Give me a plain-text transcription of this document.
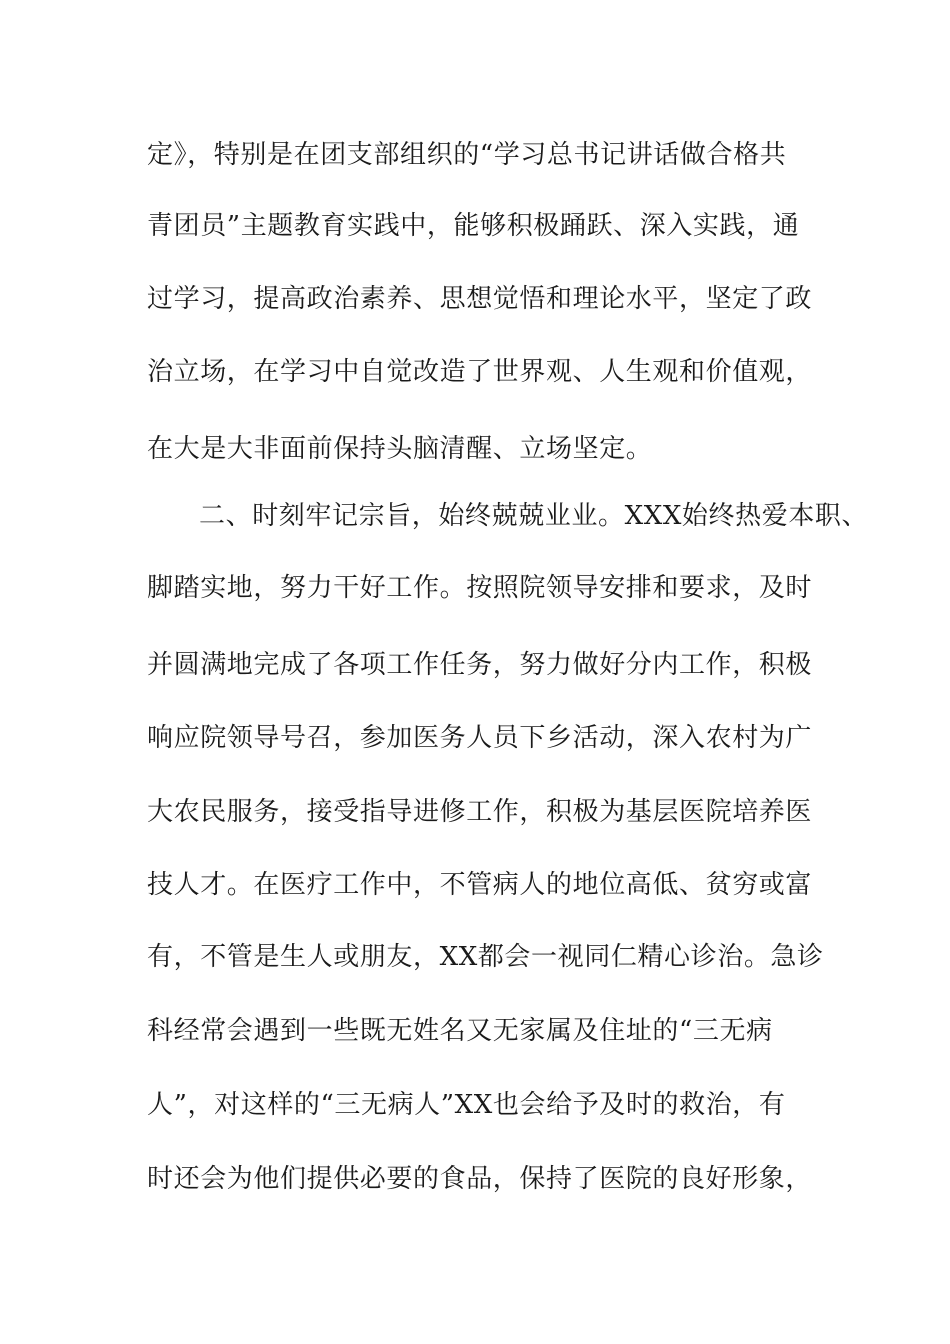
定》，特别是在团支部组织的“学习总书记讲话做合格共
青团员”主题教育实践中，能够积极踊跃、深入实践，通
过学习，提高政治素养、思想觉悟和理论水平，坚定了政
治立场，在学习中自觉改造了世界观、人生观和价值观，
在大是大非面前保持头脑清醒、立场坚定。
二、时刻牢记宗旨，始终兢兢业业。XXX始终热爱本职、
脚踏实地，努力干好工作。按照院领导安排和要求，及时
并圆满地完成了各项工作任务，努力做好分内工作，积极
响应院领导号召，参加医务人员下乡活动，深入农村为广
大农民服务，接受指导进修工作，积极为基层医院培养医
技人才。在医疗工作中，不管病人的地位高低、贫穷或富
有，不管是生人或朋友，XX都会一视同仁精心诊治。急诊
科经常会遇到一些既无姓名又无家属及住址的“三无病
人”，对这样的“三无病人”XX也会给予及时的救治，有
时还会为他们提供必要的食品，保持了医院的良好形象，
